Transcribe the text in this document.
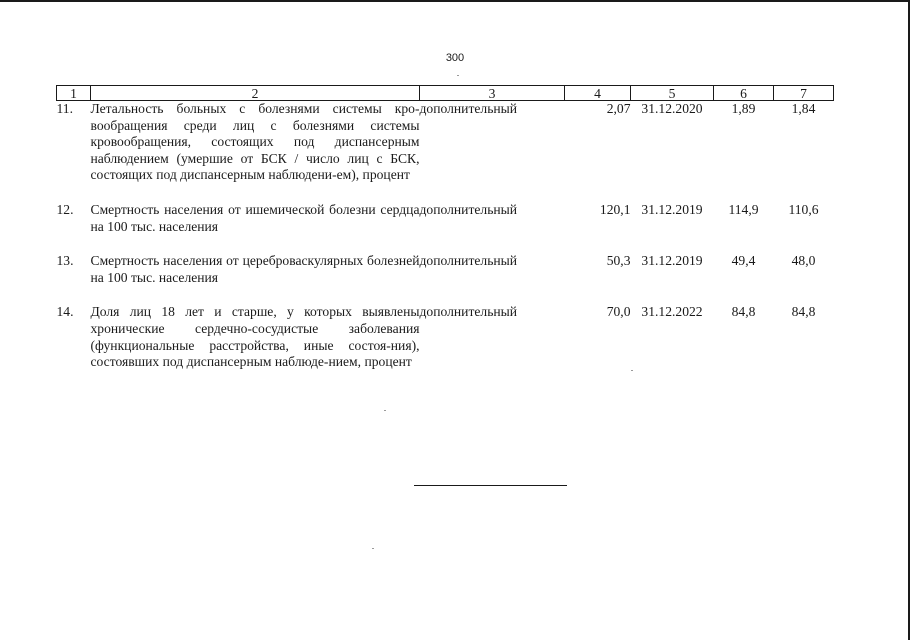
300
1	2	3	4	5	6	7
11.	Летальность больных с болезнями системы кро-вообращения среди лиц с болезнями системы кровообращения, состоящих под диспансерным наблюдением (умершие от БСК / число лиц с БСК, состоящих под диспансерным наблюдени-ем), процент	дополнительный	2,07	31.12.2020	1,89	1,84
12.	Смертность населения от ишемической болезни сердца на 100 тыс. населения	дополнительный	120,1	31.12.2019	114,9	110,6
13.	Смертность населения от цереброваскулярных болезней на 100 тыс. населения	дополнительный	50,3	31.12.2019	49,4	48,0
14.	Доля лиц 18 лет и старше, у которых выявлены хронические сердечно-сосудистые заболевания (функциональные расстройства, иные состоя-ния), состоявших под диспансерным наблюде-нием, процент	дополнительный	70,0	31.12.2022	84,8	84,8
